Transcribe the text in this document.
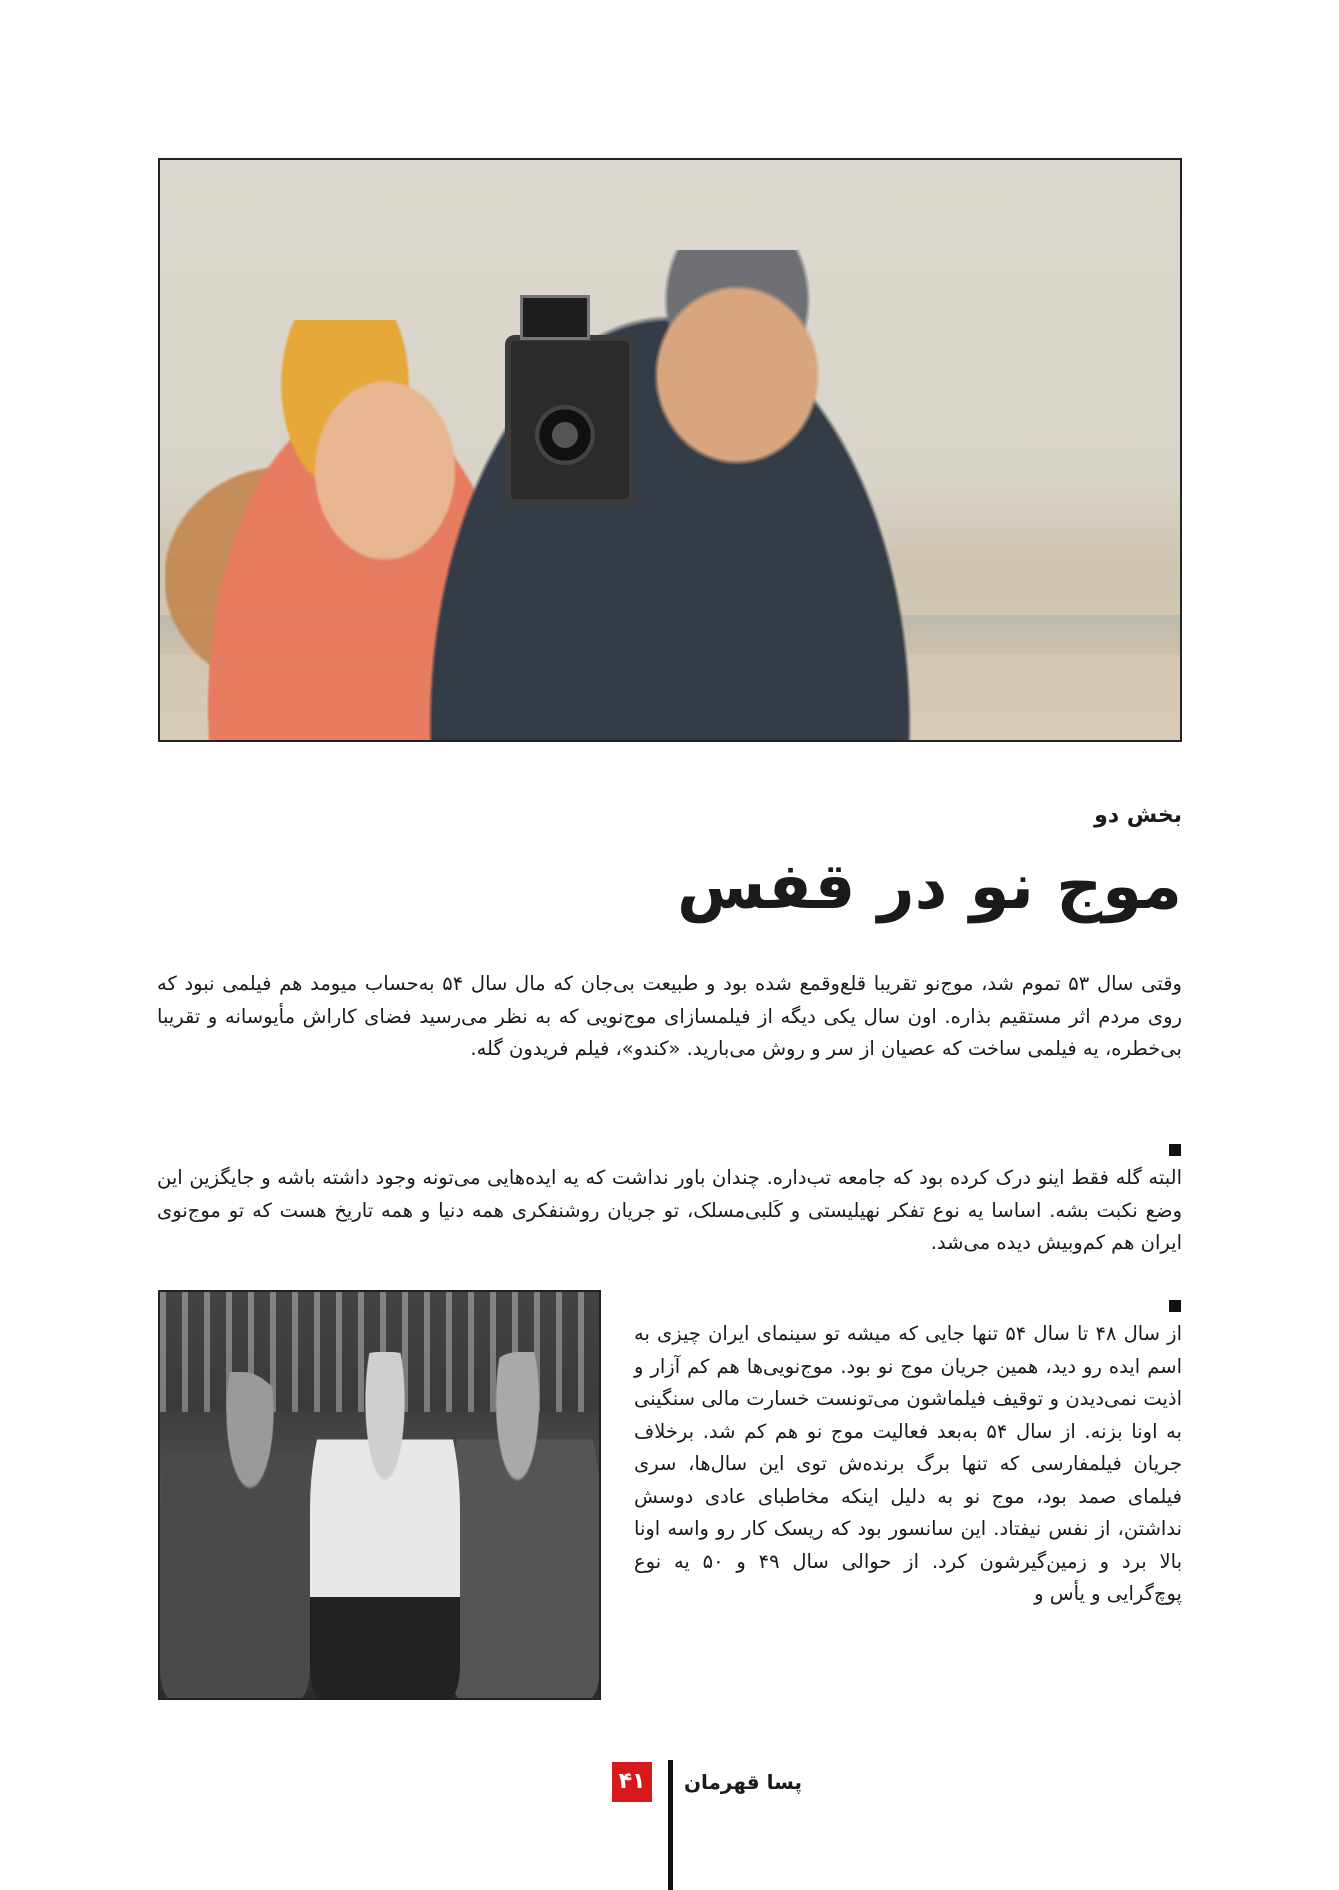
بخش دو
موج نو در قفس
وقتی سال ۵۳ تموم شد، موج‌نو تقریبا قلع‌وقمع شده بود و طبیعت بی‌جان که مال سال ۵۴ به‌حساب میومد هم فیلمی نبود که روی مردم اثر مستقیم بذاره. اون سال یکی دیگه از فیلمسازای موج‌نویی که به نظر می‌رسید فضای کاراش مأیوسانه و تقریبا بی‌خطره، یه فیلمی ساخت که عصیان از سر و روش می‌بارید. «کندو»، فیلم فریدون گله.
البته گله فقط اینو درک کرده بود که جامعه تب‌داره. چندان باور نداشت که یه ایده‌هایی می‌تونه وجود داشته باشه و جایگزین این وضع نکبت بشه. اساسا یه نوع تفکر نهیلیستی و کَلبی‌مسلک، تو جریان روشنفکری همه دنیا و همه تاریخ هست که تو موج‌نوی ایران هم کم‌وبیش دیده می‌شد.
از سال ۴۸ تا سال ۵۴ تنها جایی که میشه تو سینمای ایران چیزی به اسم ایده رو دید، همین جریان موج نو بود. موج‌نویی‌ها هم کم آزار و اذیت نمی‌دیدن و توقیف فیلماشون می‌تونست خسارت مالی سنگینی به اونا بزنه. از سال ۵۴ به‌بعد فعالیت موج نو هم کم شد. برخلاف جریان فیلمفارسی که تنها برگ برنده‌ش توی این سال‌ها، سری فیلمای صمد بود، موج نو به دلیل اینکه مخاطبای عادی دوسش نداشتن، از نفس نیفتاد. این سانسور بود که ریسک کار رو واسه اونا بالا برد و زمین‌گیرشون کرد. از حوالی سال ۴۹ و ۵۰ یه نوع پوچ‌گرایی و یأس و
۴۱	پسا قهرمان
